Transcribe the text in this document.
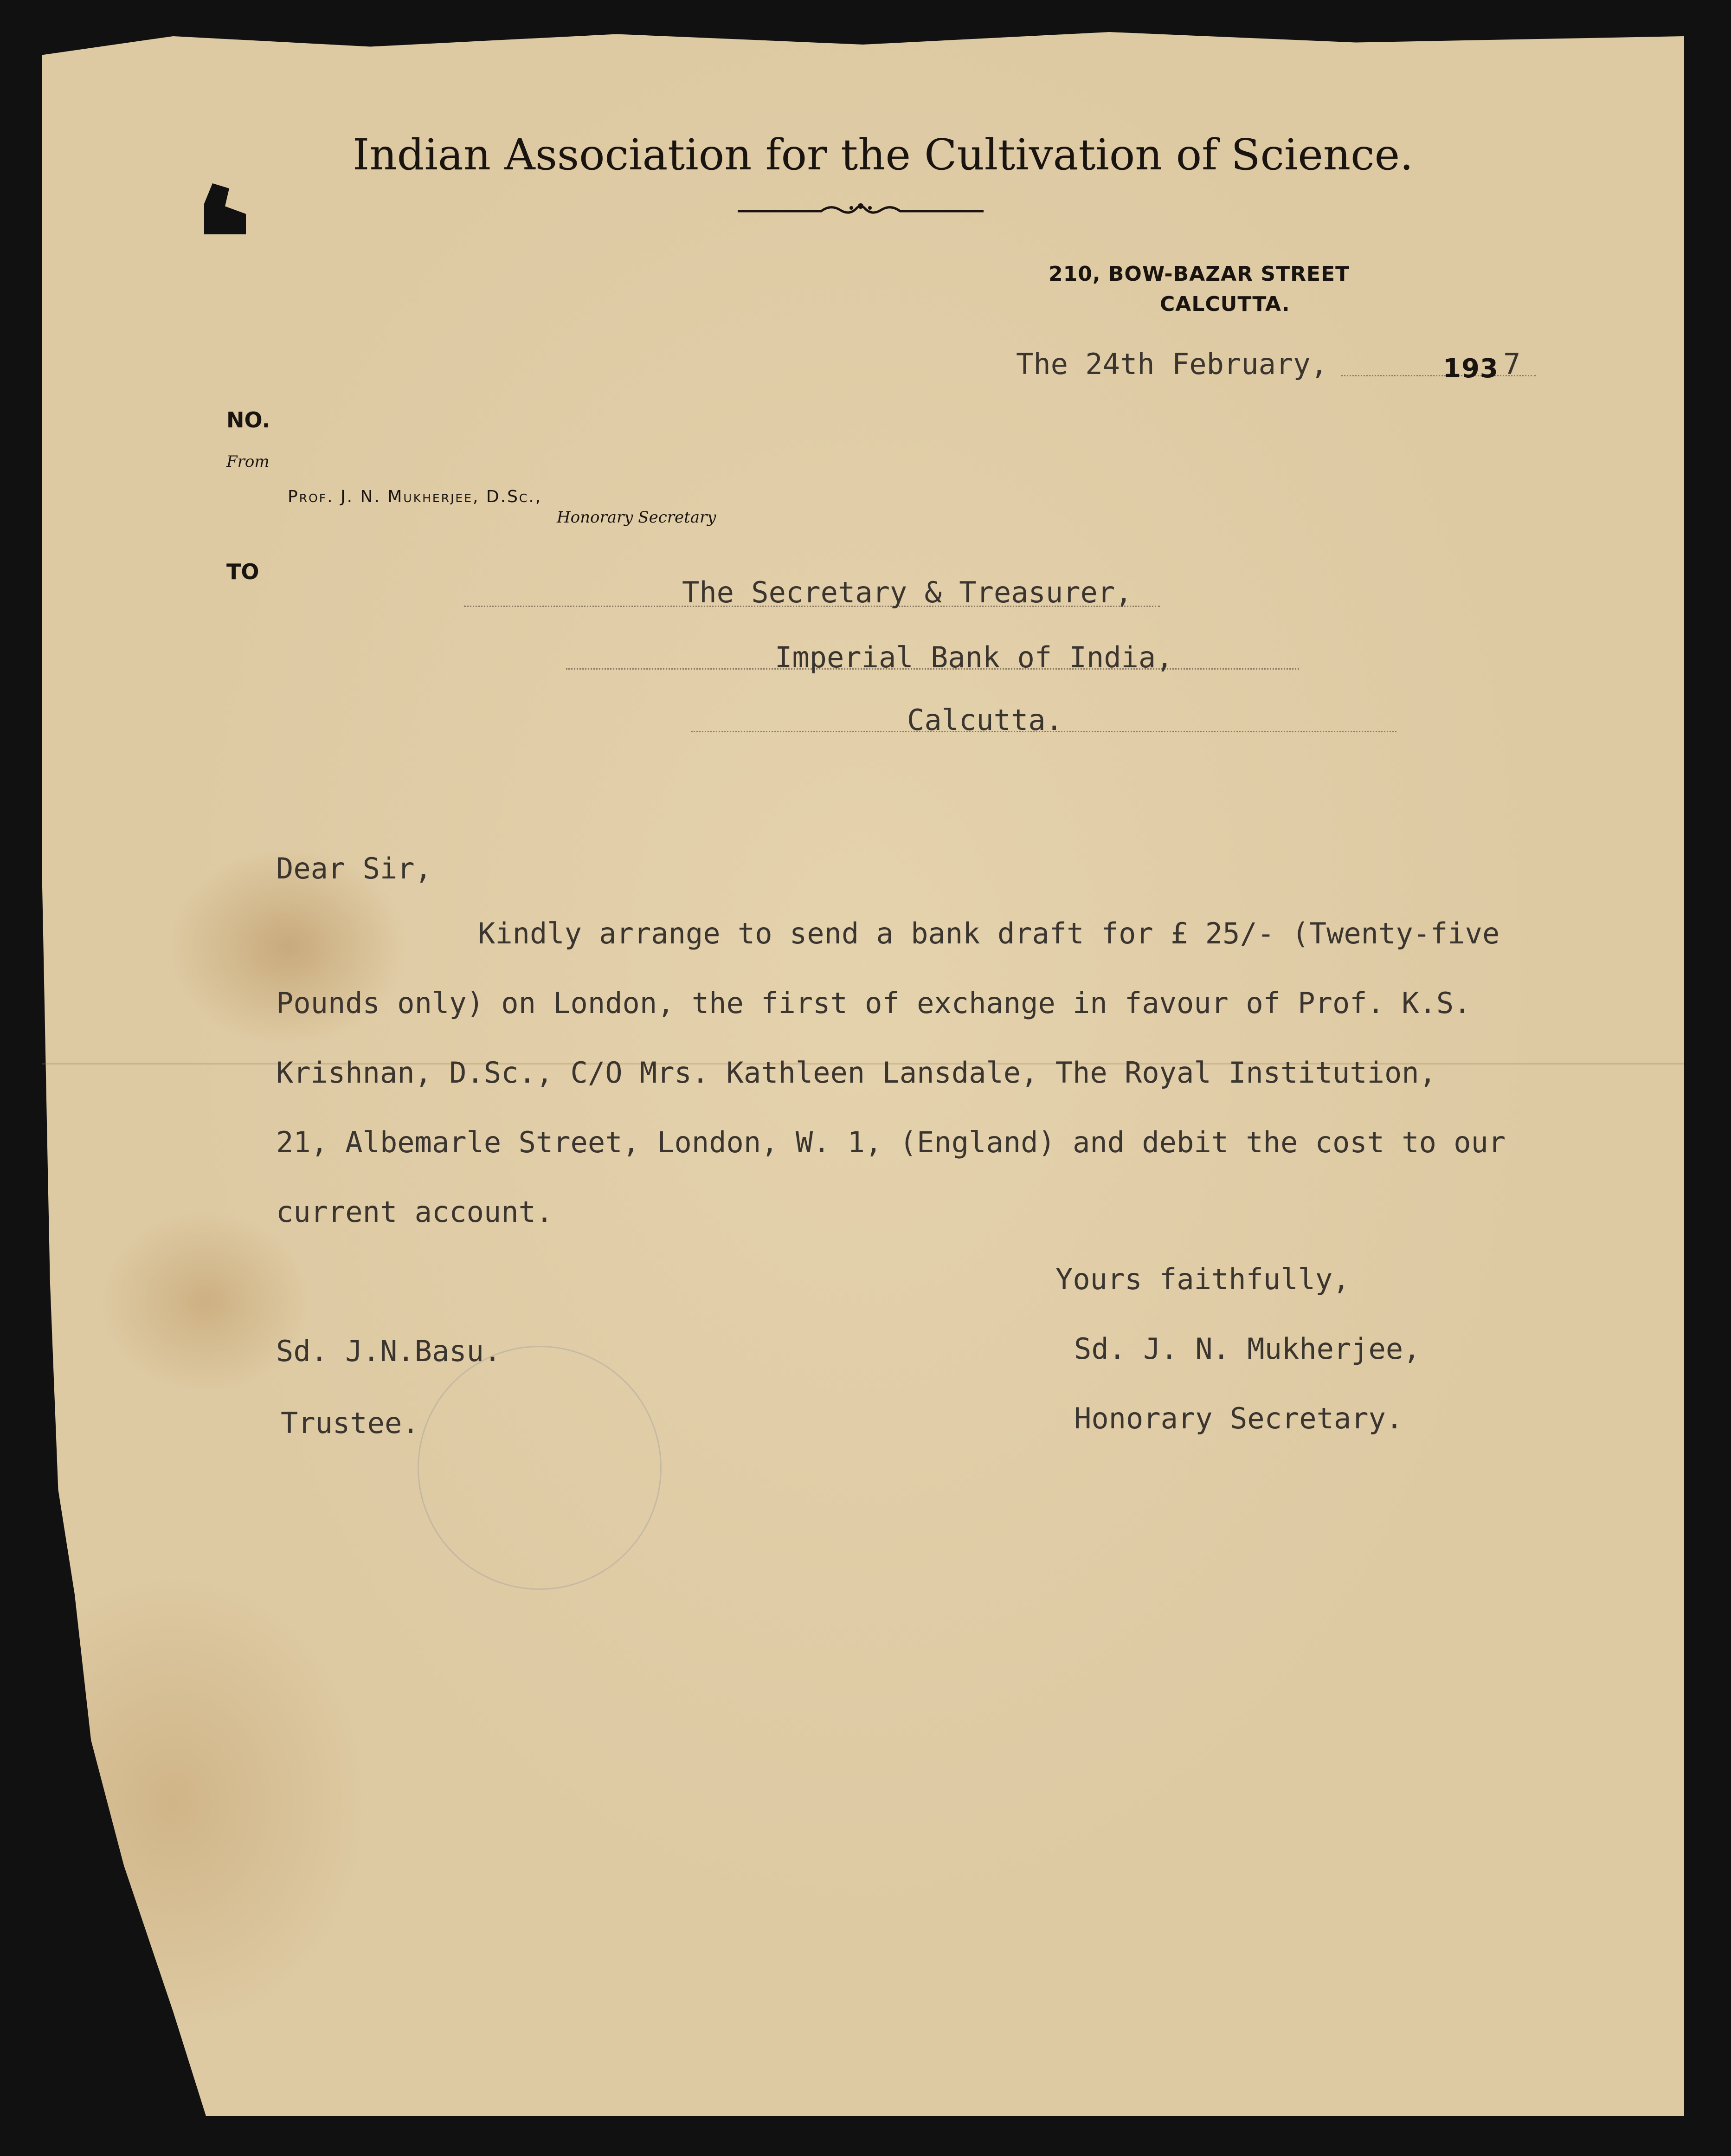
Indian Association for the Cultivation of Science.
210, BOW-BAZAR STREET
CALCUTTA.
The 24th February,	193 7
NO.
From
Prof. J. N. Mukherjee, D.Sc.,
Honorary Secretary
TO
The Secretary & Treasurer,
Imperial Bank of India,
Calcutta.
Dear Sir,
Kindly arrange to send a bank draft for £ 25/- (Twenty-five
Pounds only) on London, the first of exchange in favour of Prof. K.S.
Krishnan, D.Sc., C/O Mrs. Kathleen Lansdale, The Royal Institution,
21, Albemarle Street, London, W. 1, (England) and debit the cost to our
current account.
Yours faithfully,
Sd. J.N.Basu.	Sd. J. N. Mukherjee,
Trustee.	Honorary Secretary.
